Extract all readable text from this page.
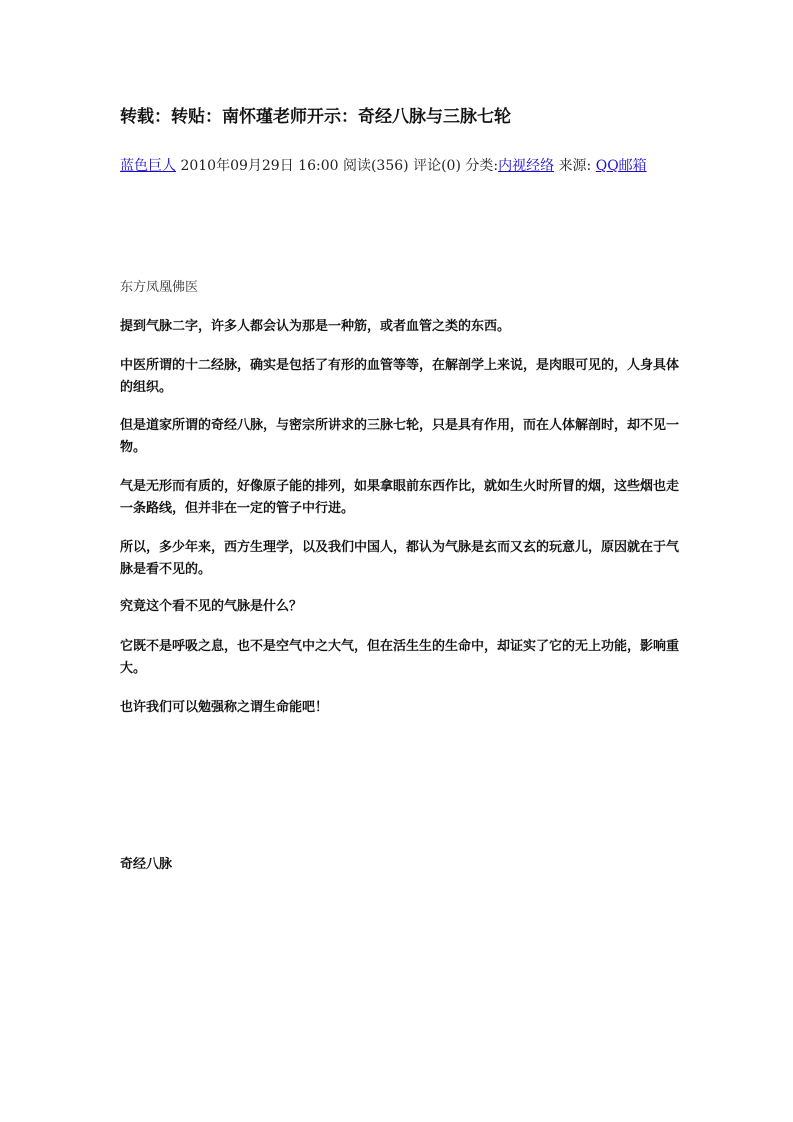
转载：转贴：南怀瑾老师开示：奇经八脉与三脉七轮
蓝色巨人 2010年09月29日 16:00 阅读(356) 评论(0) 分类:内视经络 来源: QQ邮箱
东方凤凰佛医

提到气脉二字，许多人都会认为那是一种筋，或者血管之类的东西。

中医所谓的十二经脉，确实是包括了有形的血管等等，在解剖学上来说，是肉眼可见的，人身具体的组织。

但是道家所谓的奇经八脉，与密宗所讲求的三脉七轮，只是具有作用，而在人体解剖时，却不见一物。

气是无形而有质的，好像原子能的排列，如果拿眼前东西作比，就如生火时所冒的烟，这些烟也走一条路线，但并非在一定的管子中行进。

所以，多少年来，西方生理学，以及我们中国人，都认为气脉是玄而又玄的玩意儿，原因就在于气脉是看不见的。

究竟这个看不见的气脉是什么？

它既不是呼吸之息，也不是空气中之大气，但在活生生的生命中，却证实了它的无上功能，影响重大。

也许我们可以勉强称之谓生命能吧！

奇经八脉
